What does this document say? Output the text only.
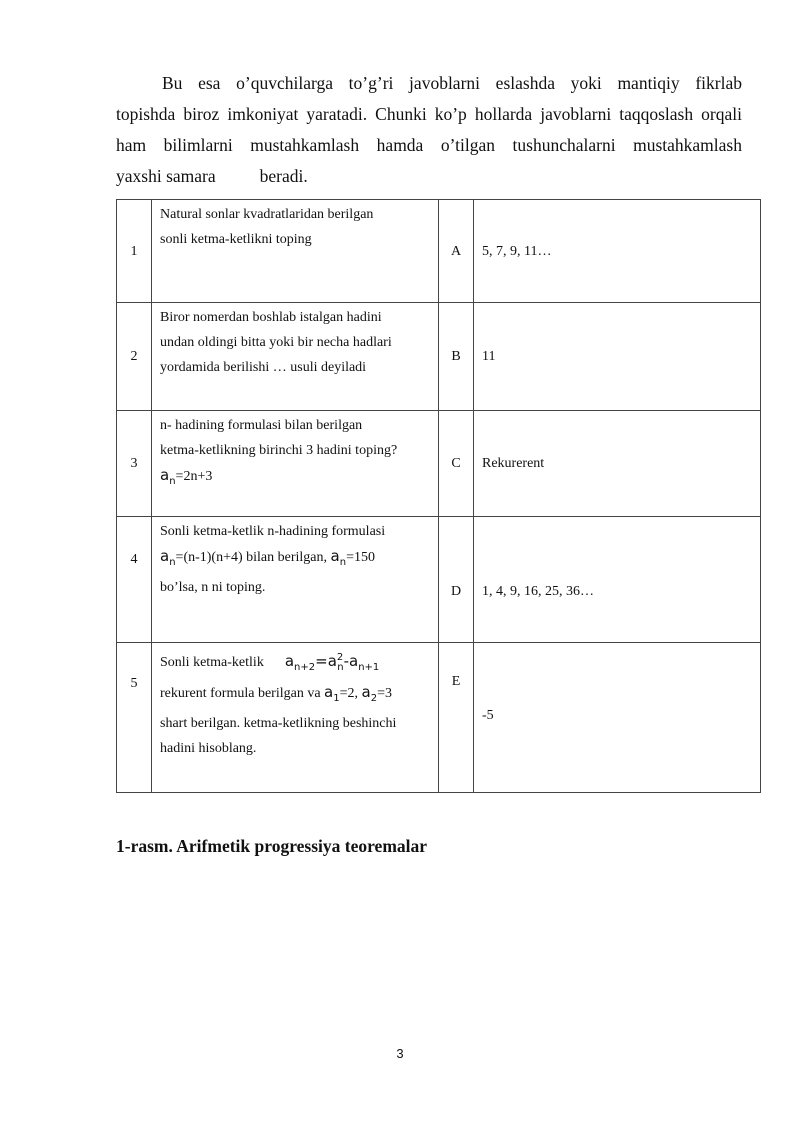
Bu esa o’quvchilarga to’g’ri javoblarni eslashda yoki mantiqiy fikrlab
topishda biroz imkoniyat yaratadi. Chunki ko’p hollarda javoblarni taqqoslash orqali
ham bilimlarni mustahkamlash hamda o’tilgan tushunchalarni mustahkamlash
yaxshi samara	beradi.

1	Natural sonlar kvadratlaridan berilgan
sonli ketma-ketlikni toping	A	5, 7, 9, 11…
2	Biror nomerdan boshlab istalgan hadini
undan oldingi bitta yoki bir necha hadlari
yordamida berilishi … usuli deyiladi	B	11
3	n- hadining formulasi bilan berilgan
ketma-ketlikning birinchi 3 hadini toping?
$a_n=2n+3$	C	Rekurerent
4	Sonli ketma-ketlik n-hadining formulasi
$a_n=(n-1)(n+4)$ bilan berilgan, $a_n=150$
bo’lsa, n ni toping.	D	1, 4, 9, 16, 25, 36…
5	Sonli ketma-ketlik $a_{n+2}=a^2_n-a_{n+1}$
rekurent formula berilgan va $a_1=2$, $a_2=3$
shart berilgan. ketma-ketlikning beshinchi
hadini hisoblang.	E	-5

1-rasm. Arifmetik progressiya teoremalar

3
